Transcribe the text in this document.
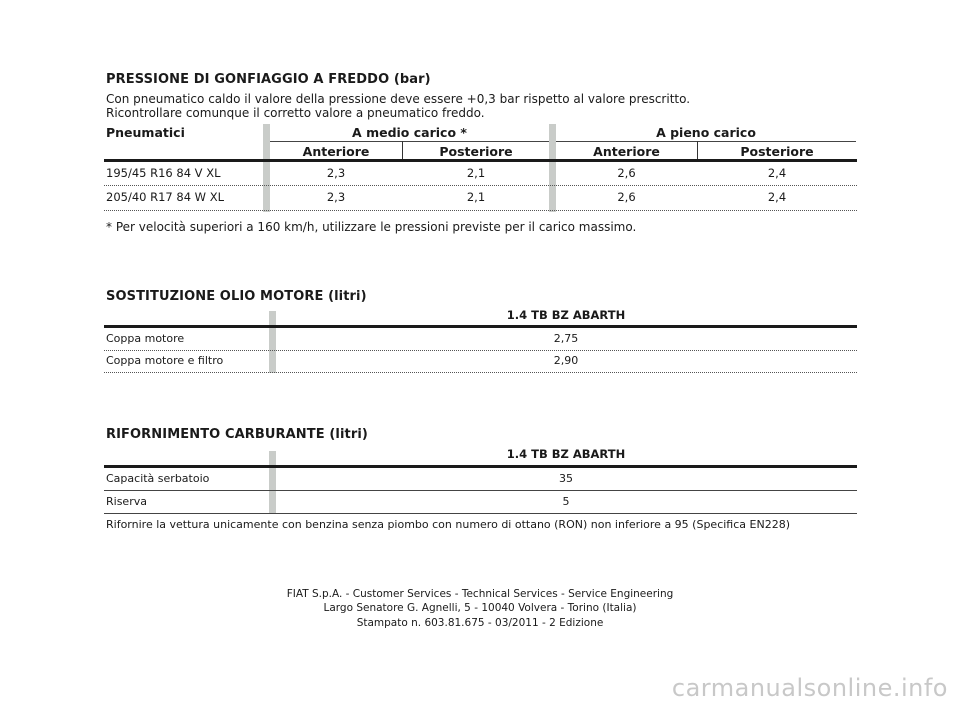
PRESSIONE DI GONFIAGGIO A FREDDO (bar)
Con pneumatico caldo il valore della pressione deve essere +0,3 bar rispetto al valore prescritto.
Ricontrollare comunque il corretto valore a pneumatico freddo.
Pneumatici	A medio carico *	A pieno carico
Anteriore	Posteriore	Anteriore	Posteriore
195/45 R16 84 V XL	2,3	2,1	2,6	2,4
205/40 R17 84 W XL	2,3	2,1	2,6	2,4
* Per velocità superiori a 160 km/h, utilizzare le pressioni previste per il carico massimo.
SOSTITUZIONE OLIO MOTORE (litri)
1.4 TB BZ ABARTH
Coppa motore	2,75
Coppa motore e filtro	2,90
RIFORNIMENTO CARBURANTE (litri)
1.4 TB BZ ABARTH
Capacità serbatoio	35
Riserva	5
Rifornire la vettura unicamente con benzina senza piombo con numero di ottano (RON) non inferiore a 95 (Specifica EN228)
FIAT S.p.A. - Customer Services - Technical Services - Service Engineering
Largo Senatore G. Agnelli, 5 - 10040 Volvera - Torino (Italia)
Stampato n. 603.81.675 - 03/2011 - 2 Edizione
carmanualsonline.info
